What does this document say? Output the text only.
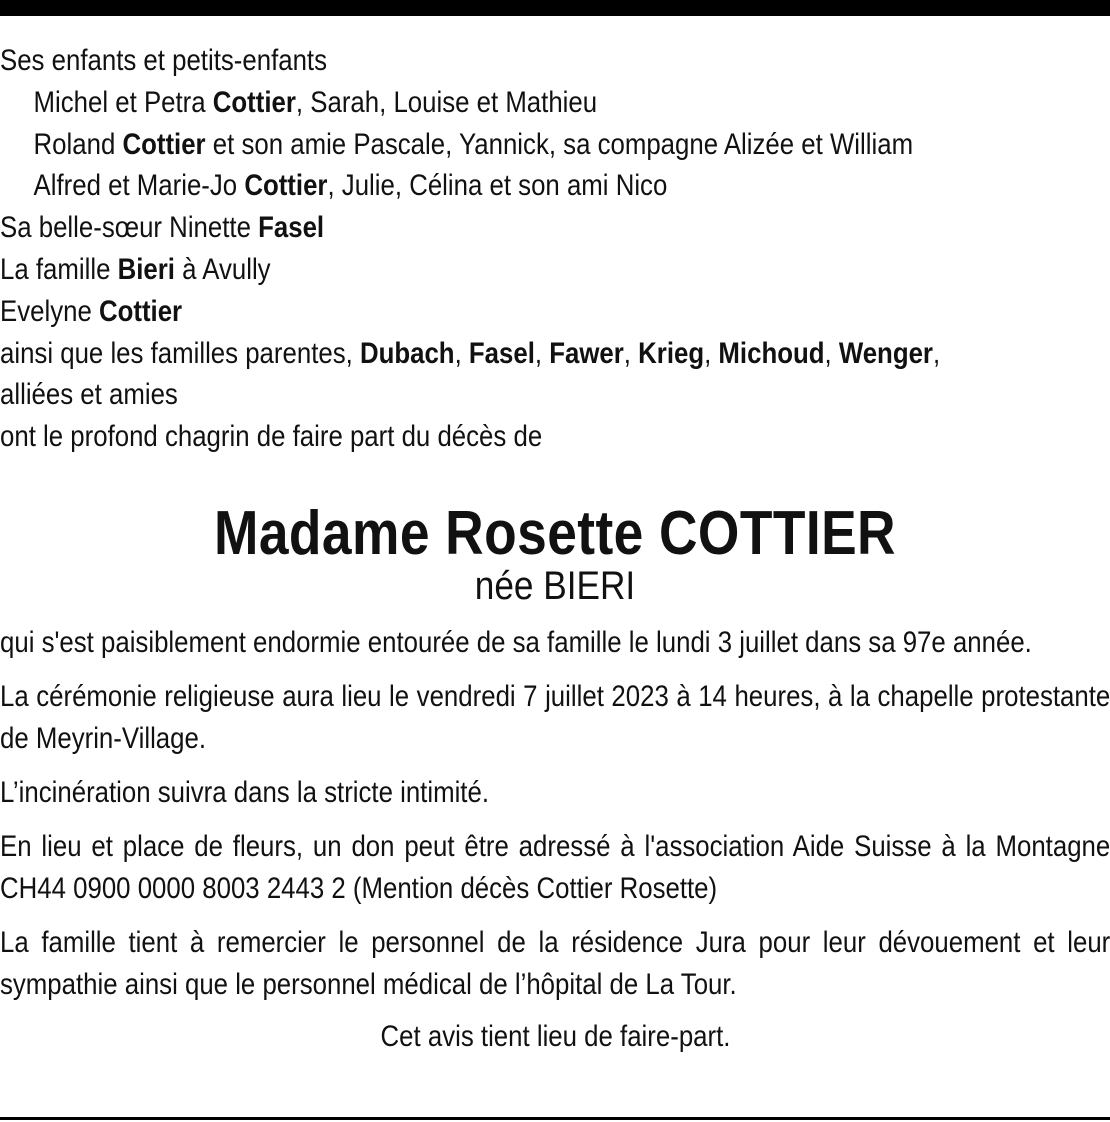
Ses enfants et petits-enfants
Michel et Petra Cottier, Sarah, Louise et Mathieu
Roland Cottier et son amie Pascale, Yannick, sa compagne Alizée et William
Alfred et Marie-Jo Cottier, Julie, Célina et son ami Nico
Sa belle-sœur Ninette Fasel
La famille Bieri à Avully
Evelyne Cottier
ainsi que les familles parentes, Dubach, Fasel, Fawer, Krieg, Michoud, Wenger,
alliées et amies
ont le profond chagrin de faire part du décès de
Madame Rosette COTTIER
née BIERI
qui s'est paisiblement endormie entourée de sa famille le lundi 3 juillet dans sa 97e année.
La cérémonie religieuse aura lieu le vendredi 7 juillet 2023 à 14 heures, à la chapelle protestante de Meyrin-Village.
L’incinération suivra dans la stricte intimité.
En lieu et place de fleurs, un don peut être adressé à l'association Aide Suisse à la Montagne CH44 0900 0000 8003 2443 2 (Mention décès Cottier Rosette)
La famille tient à remercier le personnel de la résidence Jura pour leur dévouement et leur sympathie ainsi que le personnel médical de l’hôpital de La Tour.
Cet avis tient lieu de faire-part.
